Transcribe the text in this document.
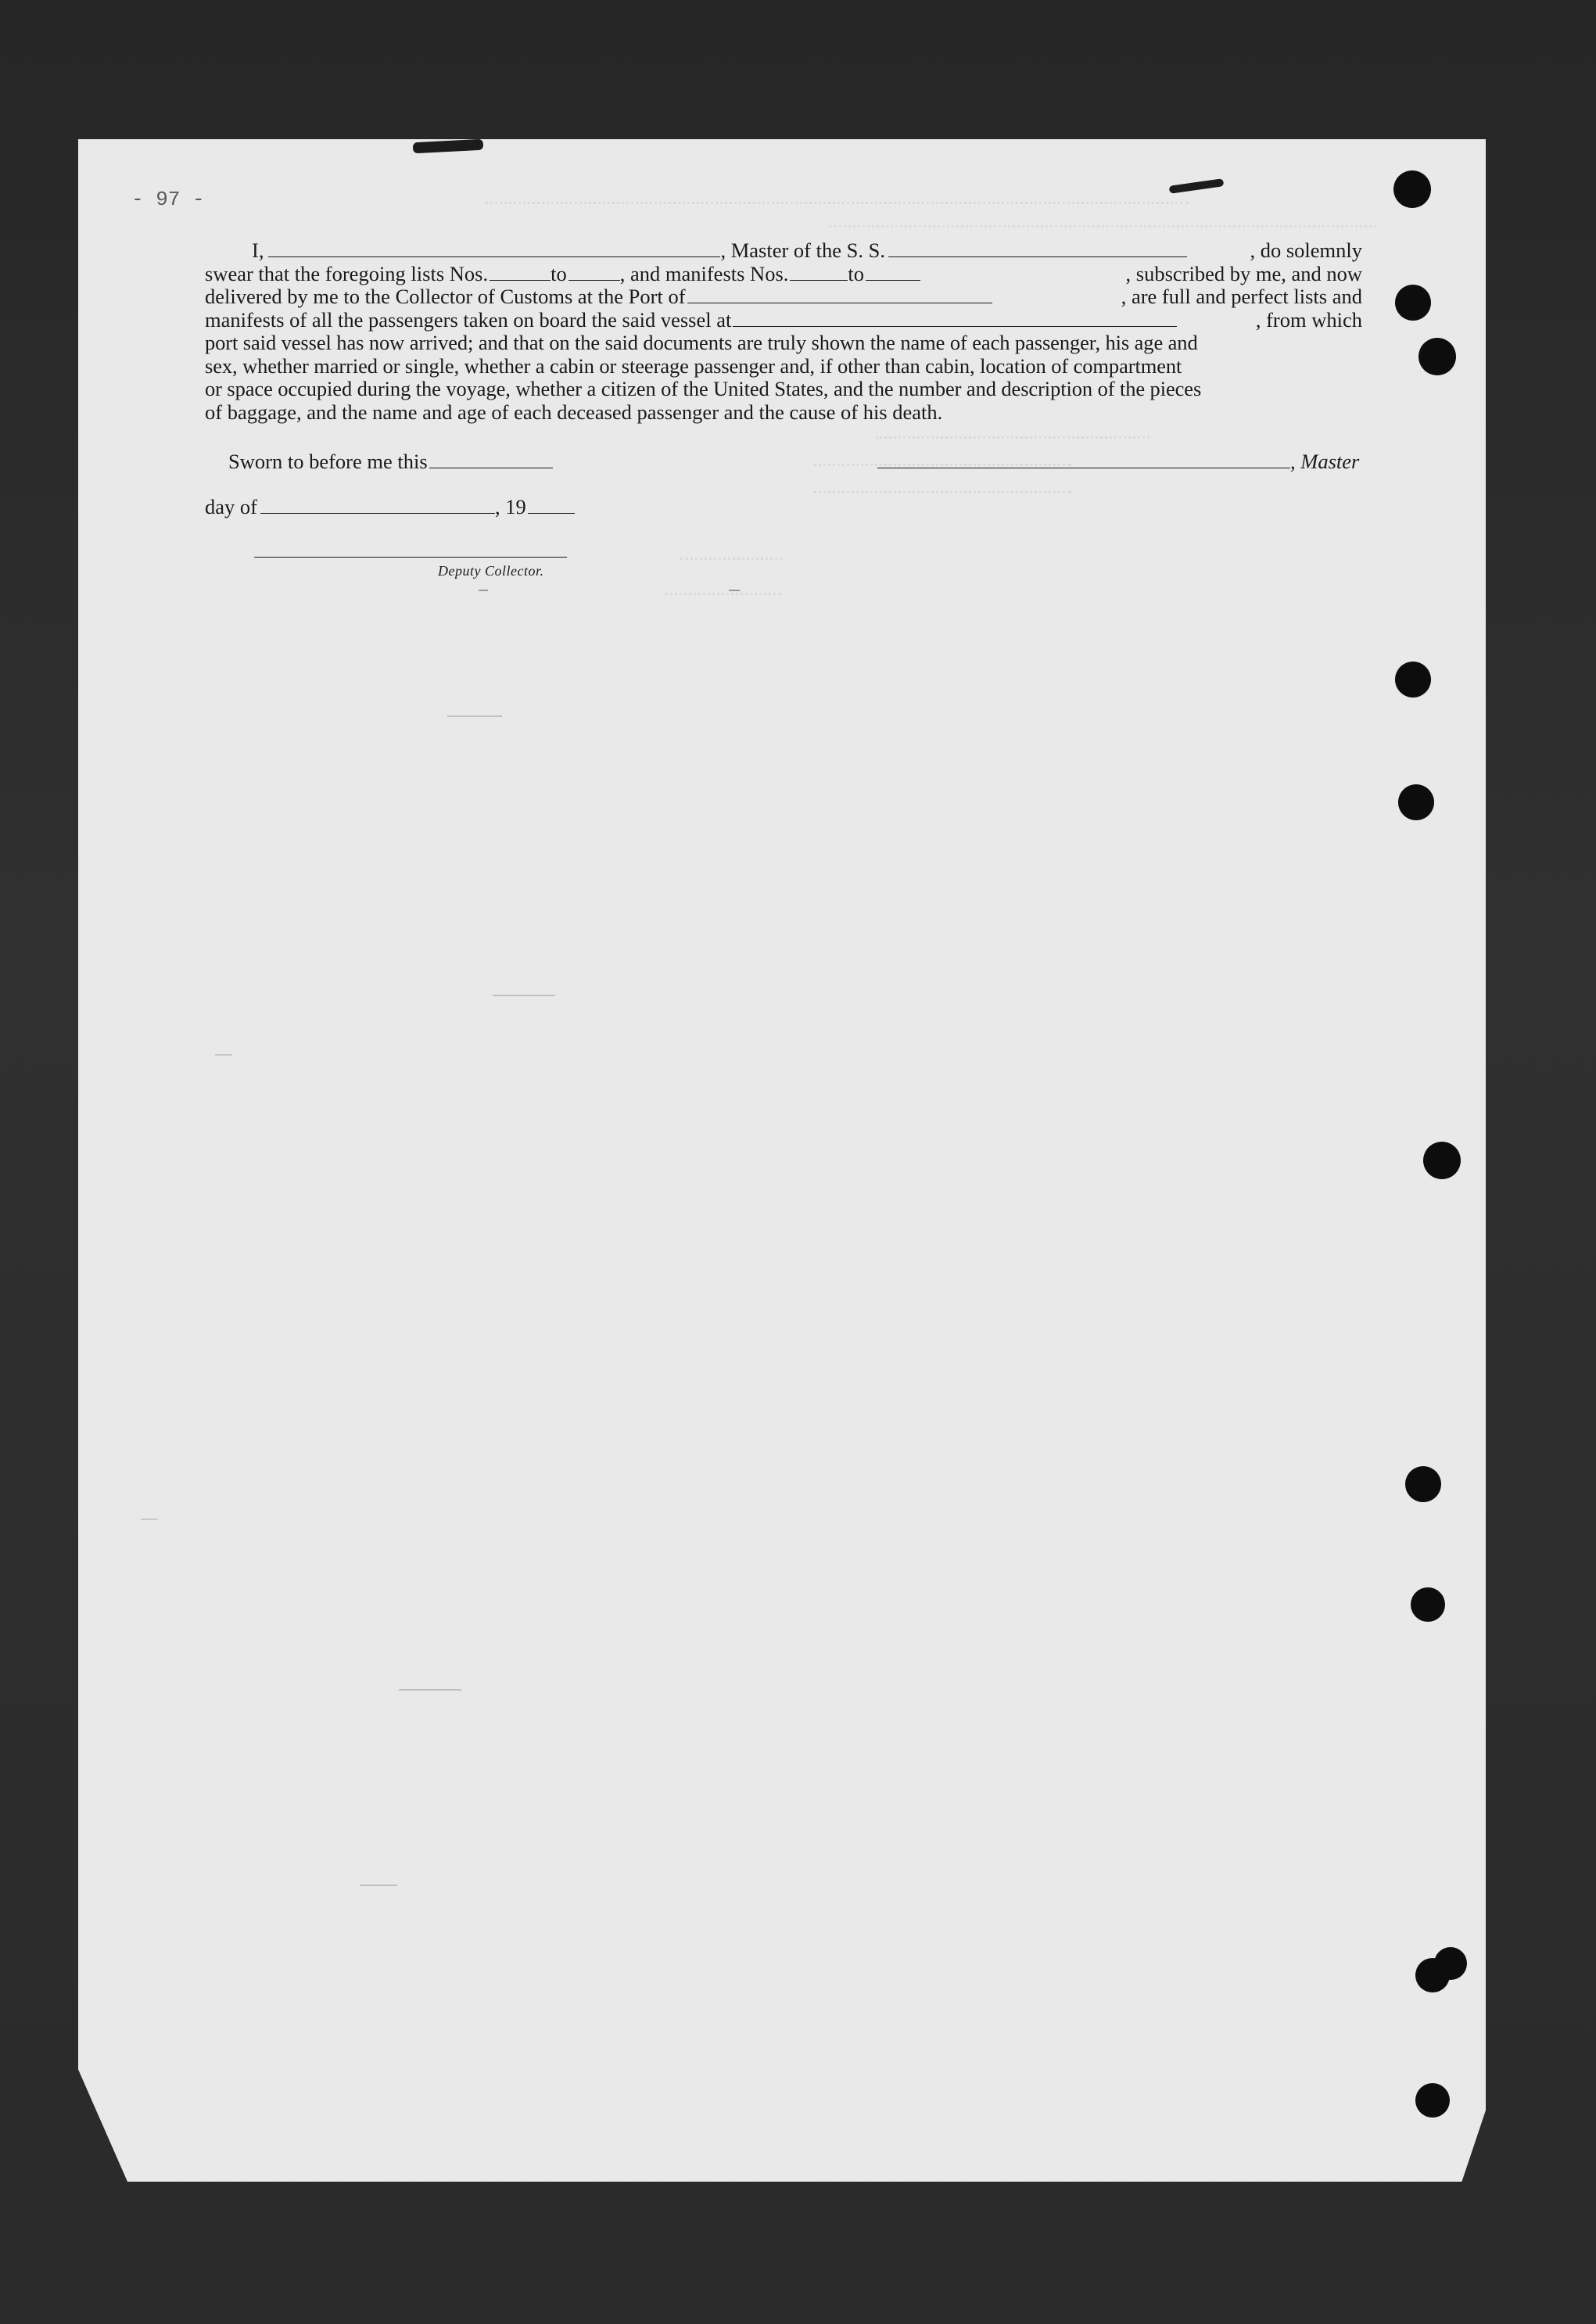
- 97 -
I,	, Master of the S. S.	, do solemnly
swear that the foregoing lists Nos.	to	, and manifests Nos.	to	, subscribed by me, and now
delivered by me to the Collector of Customs at the Port of	, are full and perfect lists and
manifests of all the passengers taken on board the said vessel at	, from which
port said vessel has now arrived; and that on the said documents are truly shown the name of each passenger, his age and
sex, whether married or single, whether a cabin or steerage passenger and, if other than cabin, location of compartment
or space occupied during the voyage, whether a citizen of the United States, and the number and description of the pieces
of baggage, and the name and age of each deceased passenger and the cause of his death.
Sworn to before me this	, Master
day of	, 19
Deputy Collector.
